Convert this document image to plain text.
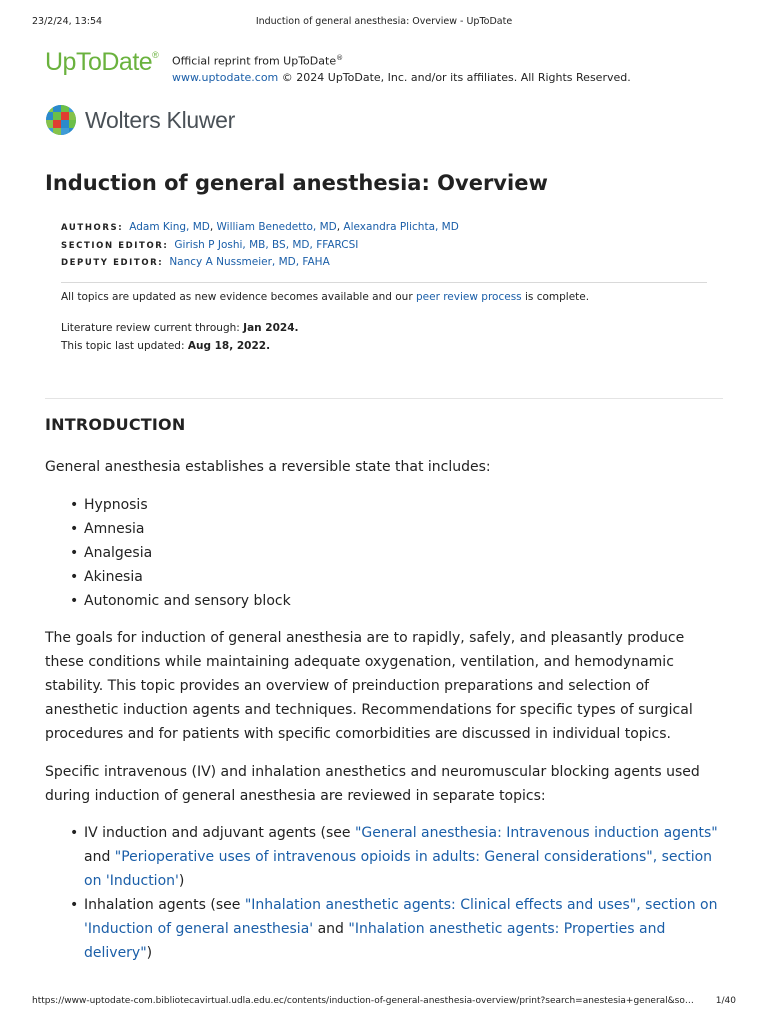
23/2/24, 13:54	Induction of general anesthesia: Overview - UpToDate
UpToDate® Official reprint from UpToDate®
www.uptodate.com © 2024 UpToDate, Inc. and/or its affiliates. All Rights Reserved.
Wolters Kluwer
Induction of general anesthesia: Overview
AUTHORS: Adam King, MD, William Benedetto, MD, Alexandra Plichta, MD
SECTION EDITOR: Girish P Joshi, MB, BS, MD, FFARCSI
DEPUTY EDITOR: Nancy A Nussmeier, MD, FAHA
All topics are updated as new evidence becomes available and our peer review process is complete.
Literature review current through: Jan 2024.
This topic last updated: Aug 18, 2022.
INTRODUCTION

General anesthesia establishes a reversible state that includes:

• Hypnosis
• Amnesia
• Analgesia
• Akinesia
• Autonomic and sensory block

The goals for induction of general anesthesia are to rapidly, safely, and pleasantly produce these conditions while maintaining adequate oxygenation, ventilation, and hemodynamic stability. This topic provides an overview of preinduction preparations and selection of anesthetic induction agents and techniques. Recommendations for specific types of surgical procedures and for patients with specific comorbidities are discussed in individual topics.

Specific intravenous (IV) and inhalation anesthetics and neuromuscular blocking agents used during induction of general anesthesia are reviewed in separate topics:

• IV induction and adjuvant agents (see "General anesthesia: Intravenous induction agents" and "Perioperative uses of intravenous opioids in adults: General considerations", section on 'Induction')
• Inhalation agents (see "Inhalation anesthetic agents: Clinical effects and uses", section on 'Induction of general anesthesia' and "Inhalation anesthetic agents: Properties and delivery")
https://www-uptodate-com.bibliotecavirtual.udla.edu.ec/contents/induction-of-general-anesthesia-overview/print?search=anestesia+general&so…	1/40
